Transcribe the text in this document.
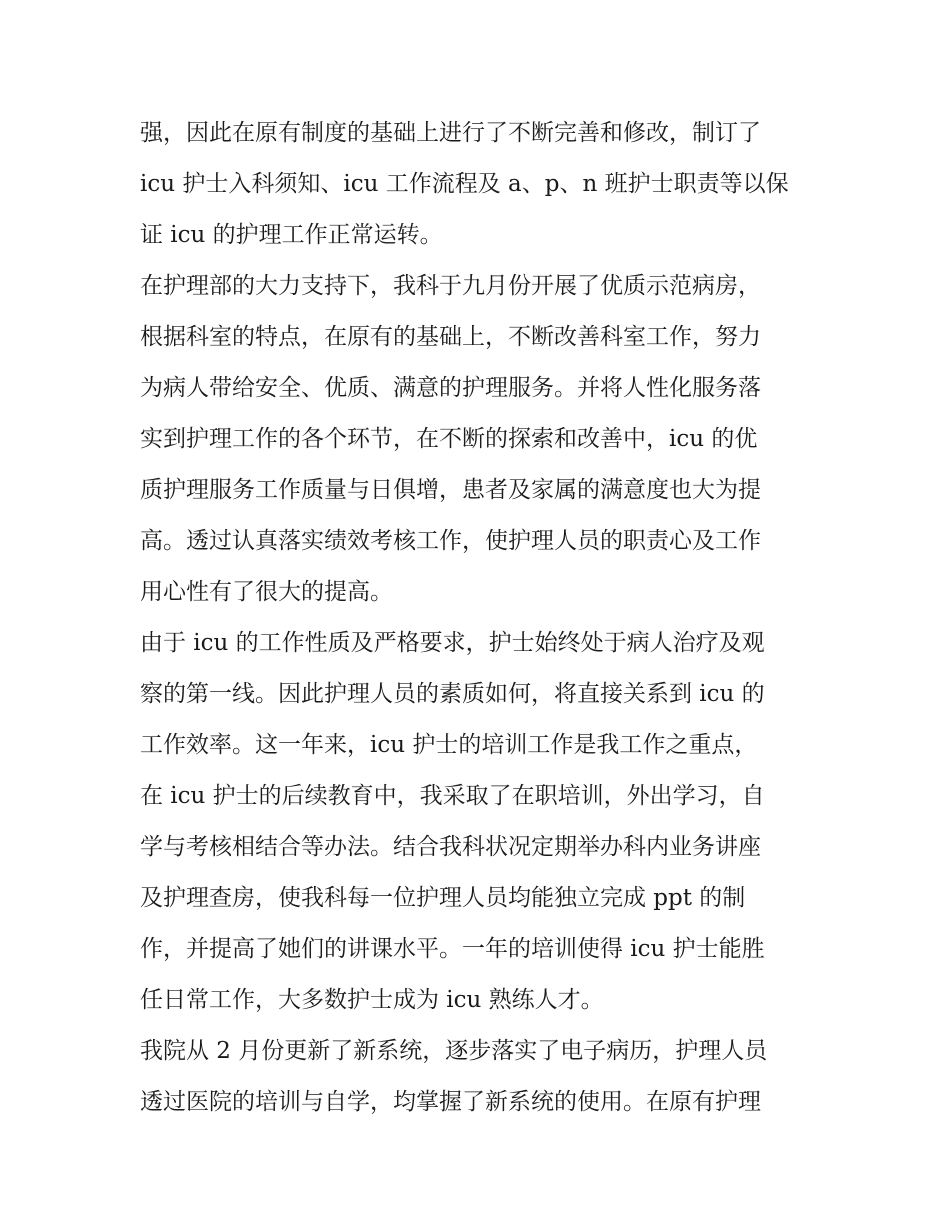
强，因此在原有制度的基础上进行了不断完善和修改，制订了
icu 护士入科须知、icu 工作流程及 a、p、n 班护士职责等以保
证 icu 的护理工作正常运转。
在护理部的大力支持下，我科于九月份开展了优质示范病房，
根据科室的特点，在原有的基础上，不断改善科室工作，努力
为病人带给安全、优质、满意的护理服务。并将人性化服务落
实到护理工作的各个环节，在不断的探索和改善中，icu 的优
质护理服务工作质量与日俱增，患者及家属的满意度也大为提
高。透过认真落实绩效考核工作，使护理人员的职责心及工作
用心性有了很大的提高。
由于 icu 的工作性质及严格要求，护士始终处于病人治疗及观
察的第一线。因此护理人员的素质如何，将直接关系到 icu 的
工作效率。这一年来，icu 护士的培训工作是我工作之重点，
在 icu 护士的后续教育中，我采取了在职培训，外出学习，自
学与考核相结合等办法。结合我科状况定期举办科内业务讲座
及护理查房，使我科每一位护理人员均能独立完成 ppt 的制
作，并提高了她们的讲课水平。一年的培训使得 icu 护士能胜
任日常工作，大多数护士成为 icu 熟练人才。
我院从 2 月份更新了新系统，逐步落实了电子病历，护理人员
透过医院的培训与自学，均掌握了新系统的使用。在原有护理
